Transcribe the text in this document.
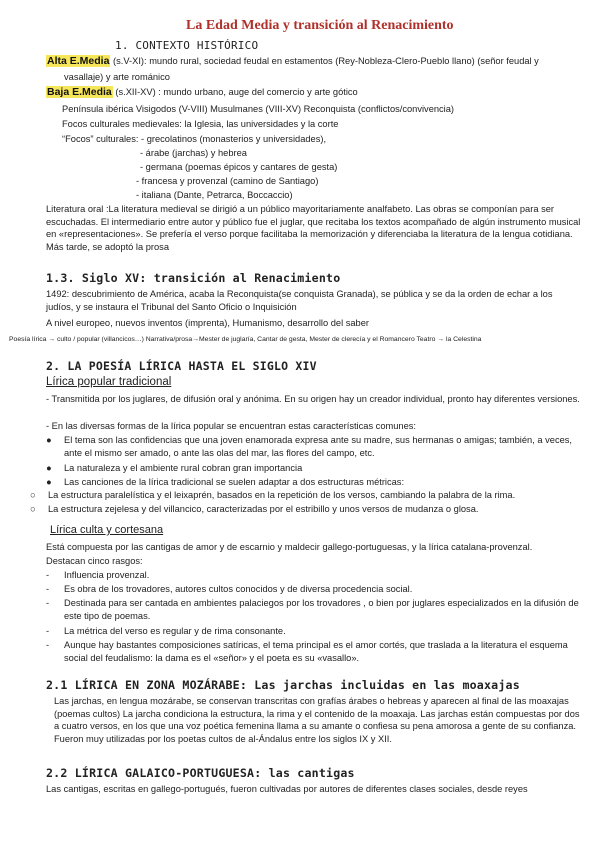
La Edad Media y transición al Renacimiento
1. CONTEXTO HISTÓRICO
Alta E.Media (s.V-XI): mundo rural, sociedad feudal en estamentos (Rey-Nobleza-Clero-Pueblo llano) (señor feudal y
vasallaje) y arte románico
Baja E.Media (s.XII-XV) : mundo urbano, auge del comercio y arte gótico
Península ibérica Visigodos (V-VIII) Musulmanes (VIII-XV) Reconquista (conflictos/convivencia)
Focos culturales medievales: la Iglesia, las universidades y la corte
“Focos” culturales: - grecolatinos (monasterios y universidades),
- árabe (jarchas) y hebrea
- germana (poemas épicos y cantares de gesta)
- francesa y provenzal (camino de Santiago)
- italiana (Dante, Petrarca, Boccaccio)
Literatura oral :La literatura medieval se dirigió a un público mayoritariamente analfabeto. Las obras se componían para ser escuchadas. El intermediario entre autor y público fue el juglar, que recitaba los textos acompañado de algún instrumento musical en «representaciones». Se prefería el verso porque facilitaba la memorización y diferenciaba la literatura de la lengua cotidiana. Más tarde, se adoptó la prosa
1.3. Siglo XV: transición al Renacimiento
1492: descubrimiento de América, acaba la Reconquista(se conquista Granada), se pública y se da la orden de echar a los judíos, y se instaura el Tribunal del Santo Oficio o Inquisición
A nivel europeo, nuevos inventos (imprenta), Humanismo, desarrollo del saber
Poesía lírica → culto / popular (villancicos…) Narrativa/prosa→Mester de juglaría, Cantar de gesta, Mester de clerecía y el Romancero Teatro → la Celestina
2. LA POESÍA LÍRICA HASTA EL SIGLO XIV
Lírica popular tradicional
- Transmitida por los juglares, de difusión oral y anónima. En su origen hay un creador individual, pronto hay diferentes versiones.
- En las diversas formas de la lírica popular se encuentran estas características comunes:
● El tema son las confidencias que una joven enamorada expresa ante su madre, sus hermanas o amigas; también, a veces, ante el mismo ser amado, o ante las olas del mar, las flores del campo, etc.
● La naturaleza y el ambiente rural cobran gran importancia
● Las canciones de la lírica tradicional se suelen adaptar a dos estructuras métricas:
○ La estructura paralelística y el leixaprén, basados en la repetición de los versos, cambiando la palabra de la rima.
○ La estructura zejelesa y del villancico, caracterizadas por el estribillo y unos versos de mudanza o glosa.
Lírica culta y cortesana
Está compuesta por las cantigas de amor y de escarnio y maldecir gallego-portuguesas, y la lírica catalana-provenzal.
Destacan cinco rasgos:
- Influencia provenzal.
- Es obra de los trovadores, autores cultos conocidos y de diversa procedencia social.
- Destinada para ser cantada en ambientes palaciegos por los trovadores , o bien por juglares especializados en la difusión de este tipo de poemas.
- La métrica del verso es regular y de rima consonante.
- Aunque hay bastantes composiciones satíricas, el tema principal es el amor cortés, que traslada a la literatura el esquema social del feudalismo: la dama es el «señor» y el poeta es su «vasallo».
2.1 LÍRICA EN ZONA MOZÁRABE: Las jarchas incluidas en las moaxajas
Las jarchas, en lengua mozárabe, se conservan transcritas con grafías árabes o hebreas y aparecen al final de las moaxajas (poemas cultos) La jarcha condiciona la estructura, la rima y el contenido de la moaxaja. Las jarchas están compuestas por dos a cuatro versos, en los que una voz poética femenina llama a su amante o confiesa su pena amorosa a gente de su confianza. Fueron muy utilizadas por los poetas cultos de al-Ándalus entre los siglos IX y XII.
2.2 LÍRICA GALAICO-PORTUGUESA: las cantigas
Las cantigas, escritas en gallego-portugués, fueron cultivadas por autores de diferentes clases sociales, desde reyes
